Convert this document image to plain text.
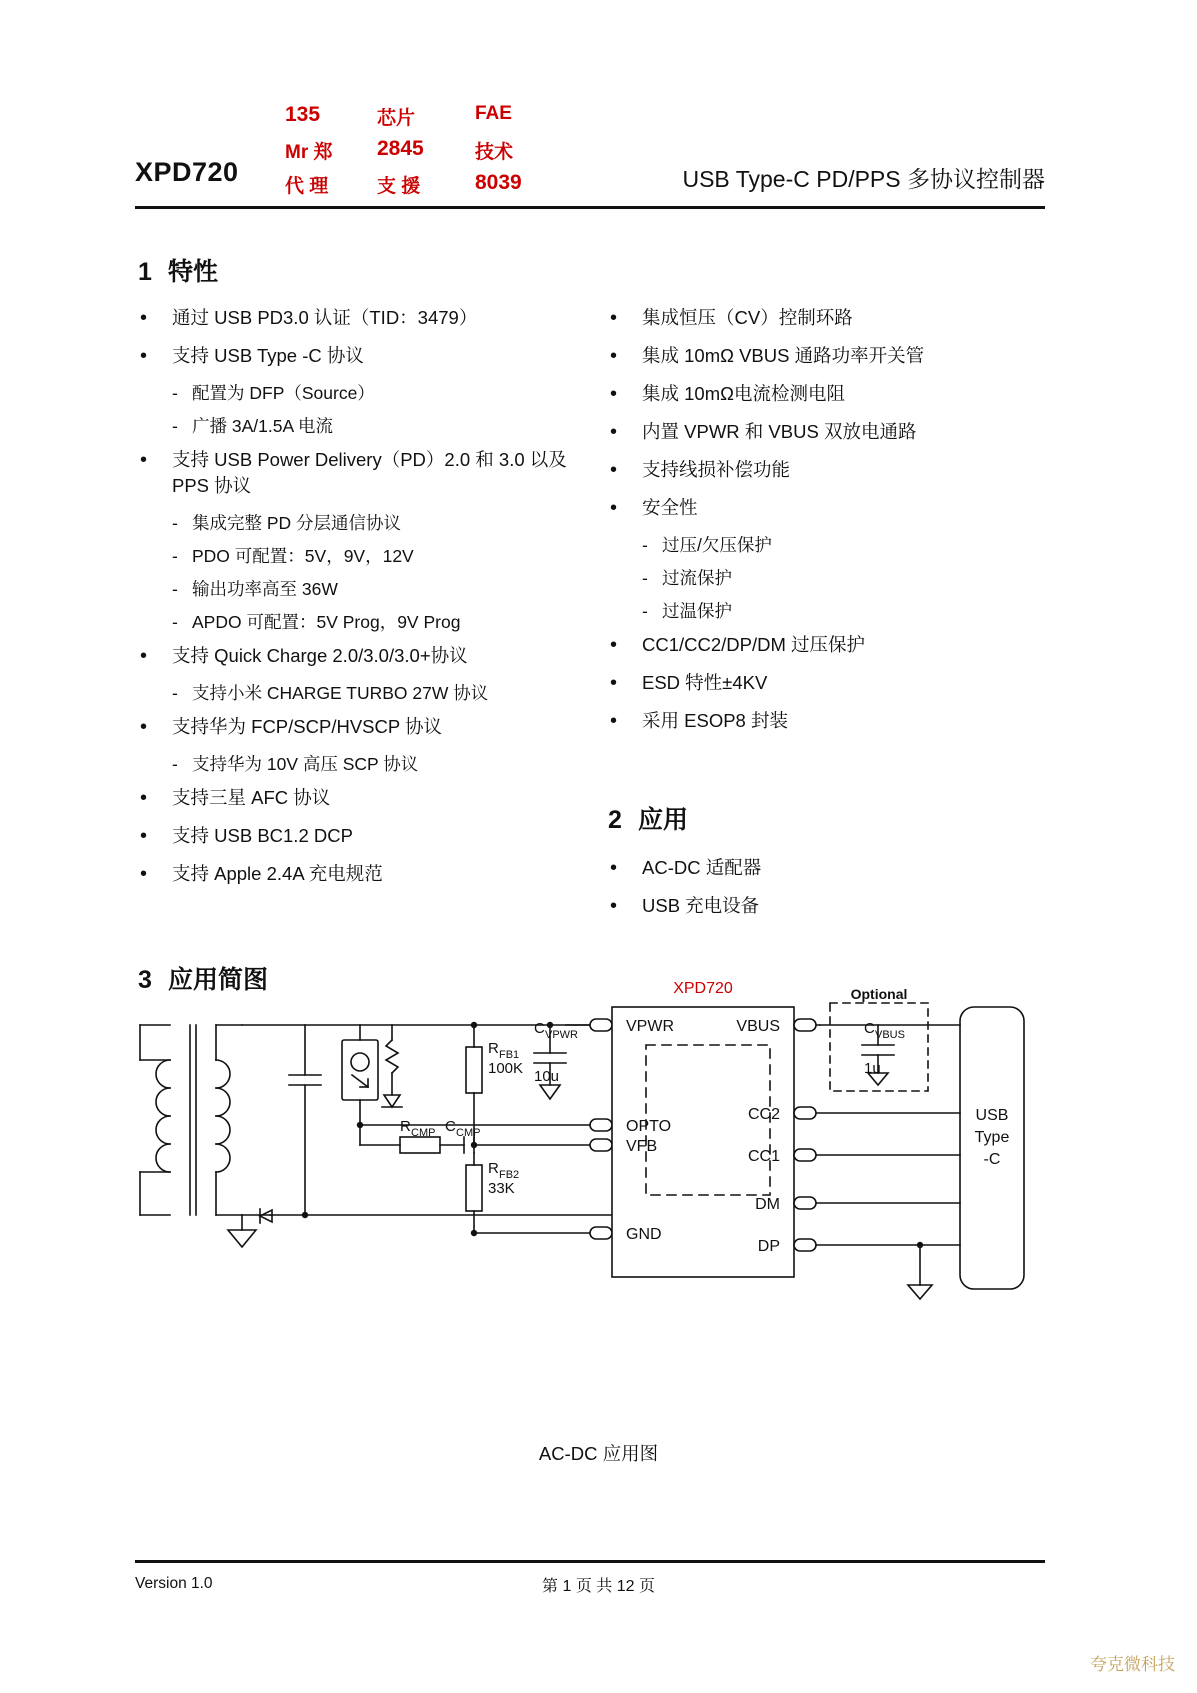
XPD720	USB Type-C PD/PPS 多协议控制器
135	芯片	FAE
Mr 郑	2845	技术
代 理	支 援	8039
1 特性
• 通过 USB PD3.0 认证（TID：3479）
• 支持 USB Type -C 协议
- 配置为 DFP（Source）
- 广播 3A/1.5A 电流
• 支持 USB Power Delivery（PD）2.0 和 3.0 以及 PPS 协议
- 集成完整 PD 分层通信协议
- PDO 可配置：5V，9V，12V
- 输出功率高至 36W
- APDO 可配置：5V Prog，9V Prog
• 支持 Quick Charge 2.0/3.0/3.0+协议
- 支持小米 CHARGE TURBO 27W 协议
• 支持华为 FCP/SCP/HVSCP 协议
- 支持华为 10V 高压 SCP 协议
• 支持三星 AFC 协议
• 支持 USB BC1.2 DCP
• 支持 Apple 2.4A 充电规范
• 集成恒压（CV）控制环路
• 集成 10mΩ VBUS 通路功率开关管
• 集成 10mΩ电流检测电阻
• 内置 VPWR 和 VBUS 双放电通路
• 支持线损补偿功能
• 安全性
- 过压/欠压保护
- 过流保护
- 过温保护
• CC1/CC2/DP/DM 过压保护
• ESD 特性±4KV
• 采用 ESOP8 封装
2 应用
• AC-DC 适配器
• USB 充电设备
3 应用简图	XPD720
VPWR
OPTO
VFB
GND
VBUS
CC2
CC1
DM
DP
R FB1
100K
R FB2
33K
R CMP C CMP
C VPWR
10u
Optional
C VBUS
1u
USB
Type
-C
AC-DC 应用图
Version 1.0	第 1 页 共 12 页
夸克微科技
